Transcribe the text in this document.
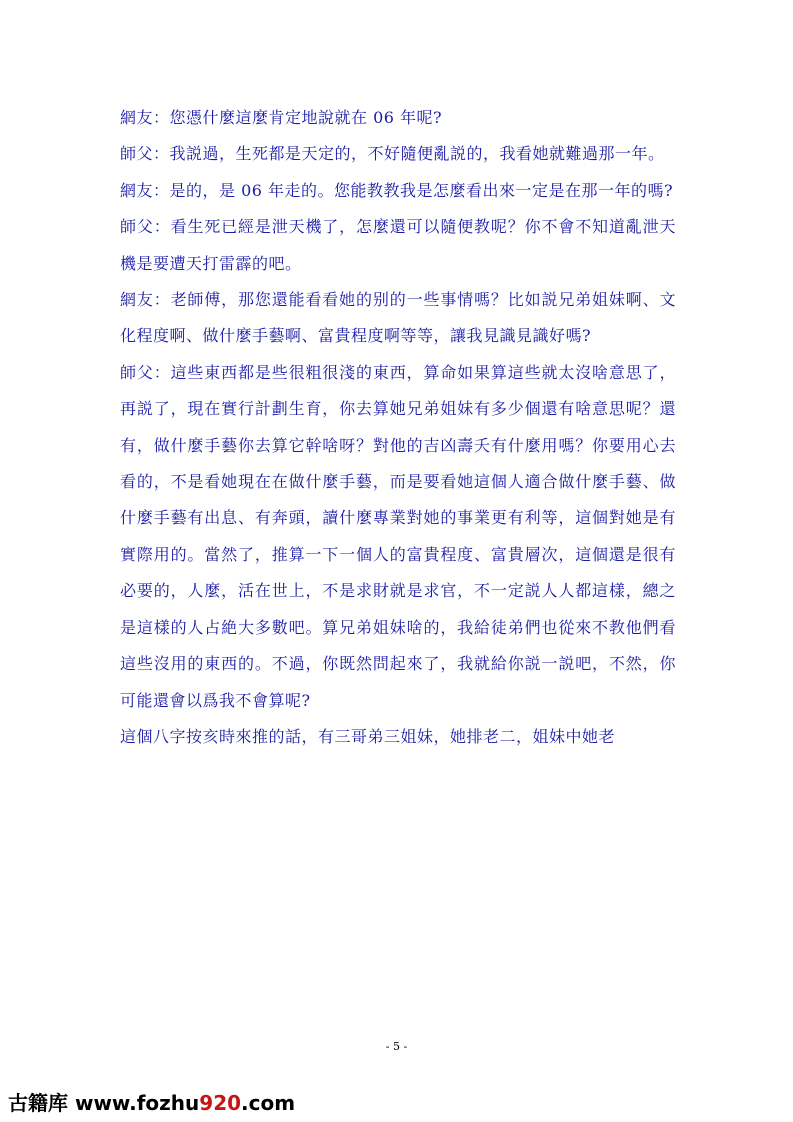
網友：您憑什麼這麼肯定地說就在 06 年呢?

師父：我説過，生死都是天定的，不好隨便亂説的，我看她就難過那一年。

網友：是的，是 06 年走的。您能教教我是怎麼看出來一定是在那一年的嗎?

師父：看生死已經是泄天機了，怎麼還可以隨便教呢？你不會不知道亂泄天機是要遭天打雷霹的吧。

網友：老師傅，那您還能看看她的别的一些事情嗎？比如説兄弟姐妹啊、文化程度啊、做什麼手藝啊、富貴程度啊等等，讓我見識見識好嗎?

師父：這些東西都是些很粗很淺的東西，算命如果算這些就太沒啥意思了，再説了，現在實行計劃生育，你去算她兄弟姐妹有多少個還有啥意思呢？還有，做什麼手藝你去算它幹啥呀？對他的吉凶壽夭有什麼用嗎？你要用心去看的，不是看她現在在做什麼手藝，而是要看她這個人適合做什麼手藝、做什麼手藝有出息、有奔頭，讀什麼專業對她的事業更有利等，這個對她是有實際用的。當然了，推算一下一個人的富貴程度、富貴層次，這個還是很有必要的，人麼，活在世上，不是求財就是求官，不一定説人人都這樣，總之是這樣的人占絶大多數吧。算兄弟姐妹啥的，我給徒弟們也從來不教他們看這些沒用的東西的。不過，你既然問起來了，我就給你説一説吧，不然，你可能還會以爲我不會算呢?

這個八字按亥時來推的話，有三哥弟三姐妹，她排老二，姐妹中她老

- 5 -
古籍库 www.fozhu920.com
